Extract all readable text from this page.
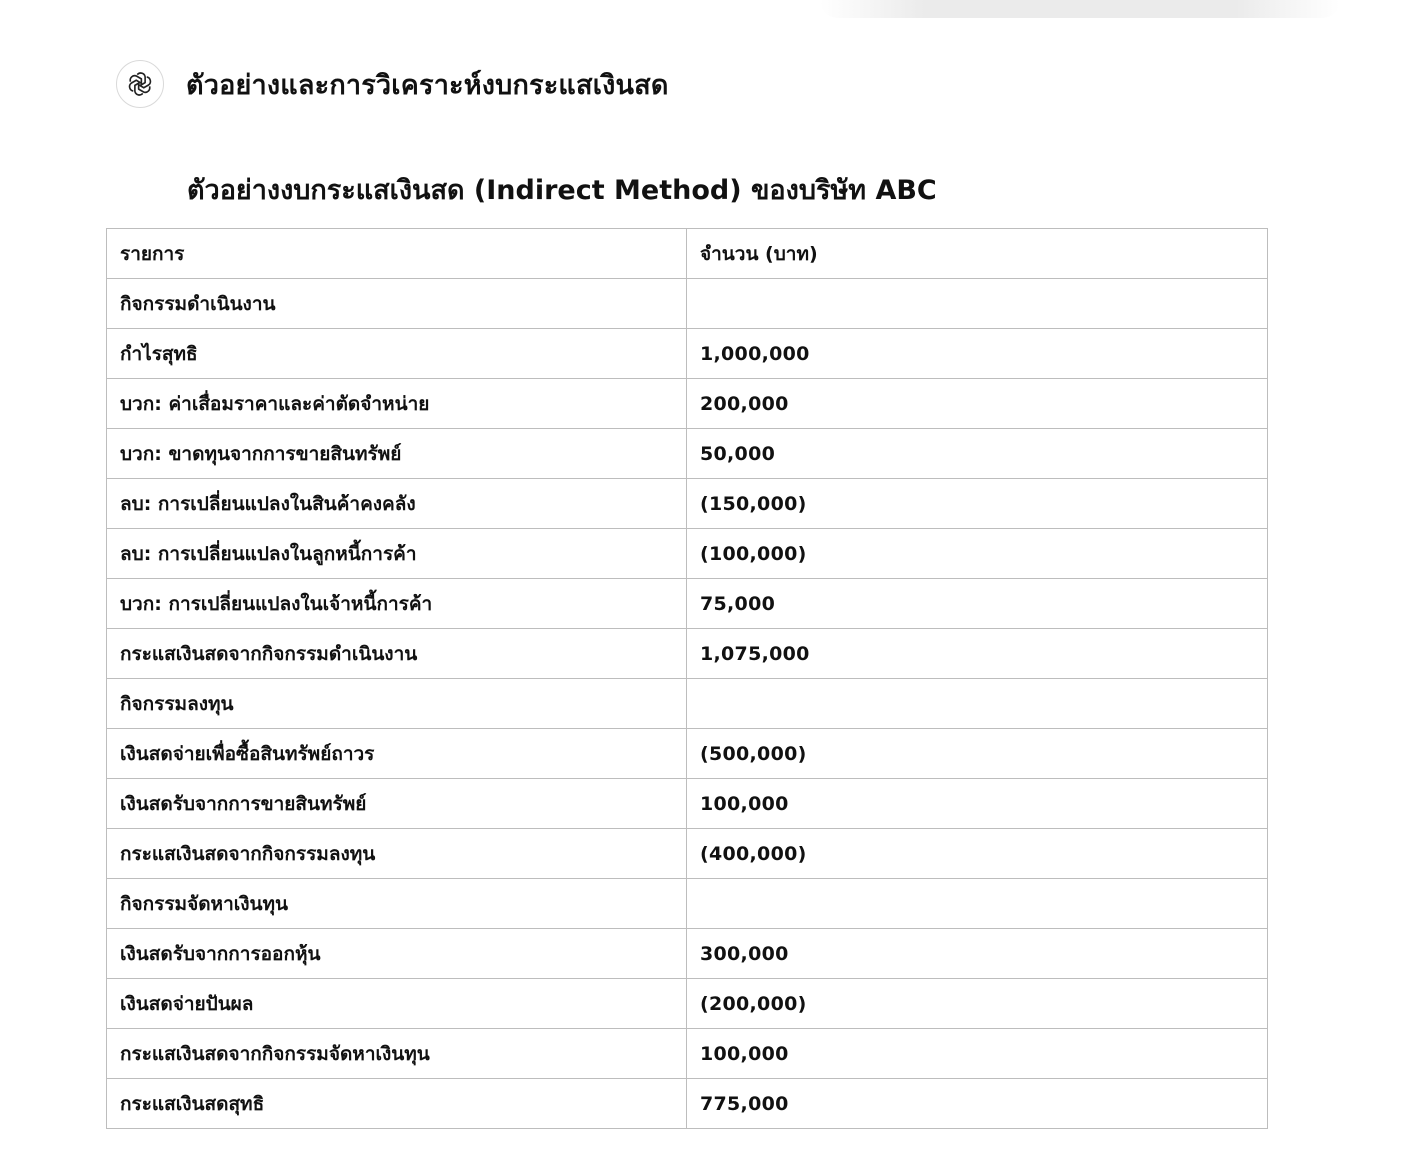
ตัวอย่างและการวิเคราะห์งบกระแสเงินสด
ตัวอย่างงบกระแสเงินสด (Indirect Method) ของบริษัท ABC
รายการ	จำนวน (บาท)
กิจกรรมดำเนินงาน	
กำไรสุทธิ	1,000,000
บวก: ค่าเสื่อมราคาและค่าตัดจำหน่าย	200,000
บวก: ขาดทุนจากการขายสินทรัพย์	50,000
ลบ: การเปลี่ยนแปลงในสินค้าคงคลัง	(150,000)
ลบ: การเปลี่ยนแปลงในลูกหนี้การค้า	(100,000)
บวก: การเปลี่ยนแปลงในเจ้าหนี้การค้า	75,000
กระแสเงินสดจากกิจกรรมดำเนินงาน	1,075,000
กิจกรรมลงทุน	
เงินสดจ่ายเพื่อซื้อสินทรัพย์ถาวร	(500,000)
เงินสดรับจากการขายสินทรัพย์	100,000
กระแสเงินสดจากกิจกรรมลงทุน	(400,000)
กิจกรรมจัดหาเงินทุน	
เงินสดรับจากการออกหุ้น	300,000
เงินสดจ่ายปันผล	(200,000)
กระแสเงินสดจากกิจกรรมจัดหาเงินทุน	100,000
กระแสเงินสดสุทธิ	775,000
